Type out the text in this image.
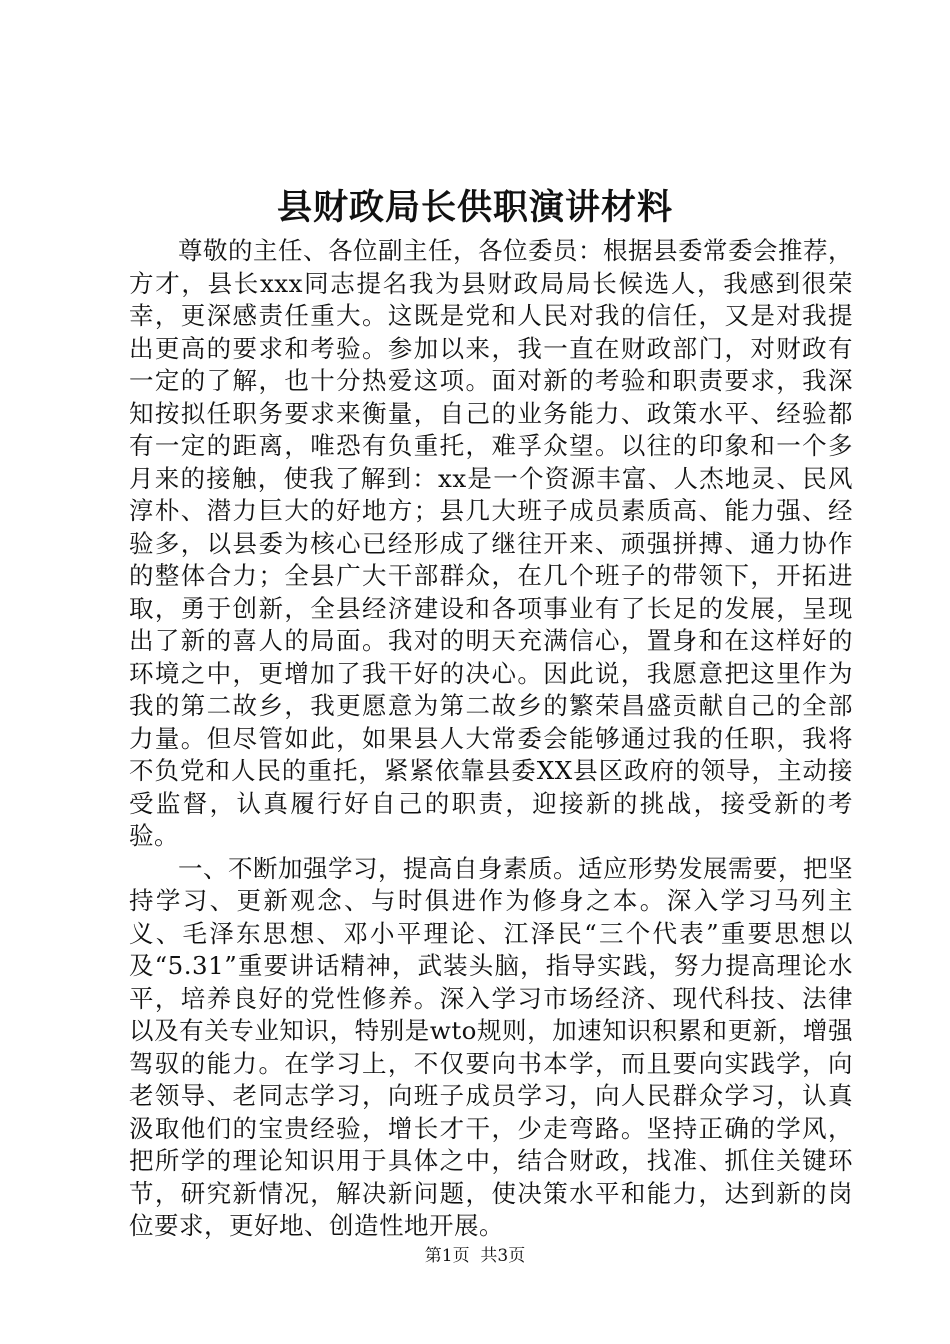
县财政局长供职演讲材料

尊敬的主任、各位副主任，各位委员：根据县委常委会推荐，方才，县长xxx同志提名我为县财政局局长候选人，我感到很荣幸，更深感责任重大。这既是党和人民对我的信任，又是对我提出更高的要求和考验。参加以来，我一直在财政部门，对财政有一定的了解，也十分热爱这项。面对新的考验和职责要求，我深知按拟任职务要求来衡量，自己的业务能力、政策水平、经验都有一定的距离，唯恐有负重托，难孚众望。以往的印象和一个多月来的接触，使我了解到：xx是一个资源丰富、人杰地灵、民风淳朴、潜力巨大的好地方；县几大班子成员素质高、能力强、经验多，以县委为核心已经形成了继往开来、顽强拼搏、通力协作的整体合力；全县广大干部群众，在几个班子的带领下，开拓进取，勇于创新，全县经济建设和各项事业有了长足的发展，呈现出了新的喜人的局面。我对的明天充满信心，置身和在这样好的环境之中，更增加了我干好的决心。因此说，我愿意把这里作为我的第二故乡，我更愿意为第二故乡的繁荣昌盛贡献自己的全部力量。但尽管如此，如果县人大常委会能够通过我的任职，我将不负党和人民的重托，紧紧依靠县委XX县区政府的领导，主动接受监督，认真履行好自己的职责，迎接新的挑战，接受新的考验。

一、不断加强学习，提高自身素质。适应形势发展需要，把坚持学习、更新观念、与时俱进作为修身之本。深入学习马列主义、毛泽东思想、邓小平理论、江泽民“三个代表”重要思想以及“5.31”重要讲话精神，武装头脑，指导实践，努力提高理论水平，培养良好的党性修养。深入学习市场经济、现代科技、法律以及有关专业知识，特别是wto规则，加速知识积累和更新，增强驾驭的能力。在学习上，不仅要向书本学，而且要向实践学，向老领导、老同志学习，向班子成员学习，向人民群众学习，认真汲取他们的宝贵经验，增长才干，少走弯路。坚持正确的学风，把所学的理论知识用于具体之中，结合财政，找准、抓住关键环节，研究新情况，解决新问题，使决策水平和能力，达到新的岗位要求，更好地、创造性地开展。

第1页  共3页
